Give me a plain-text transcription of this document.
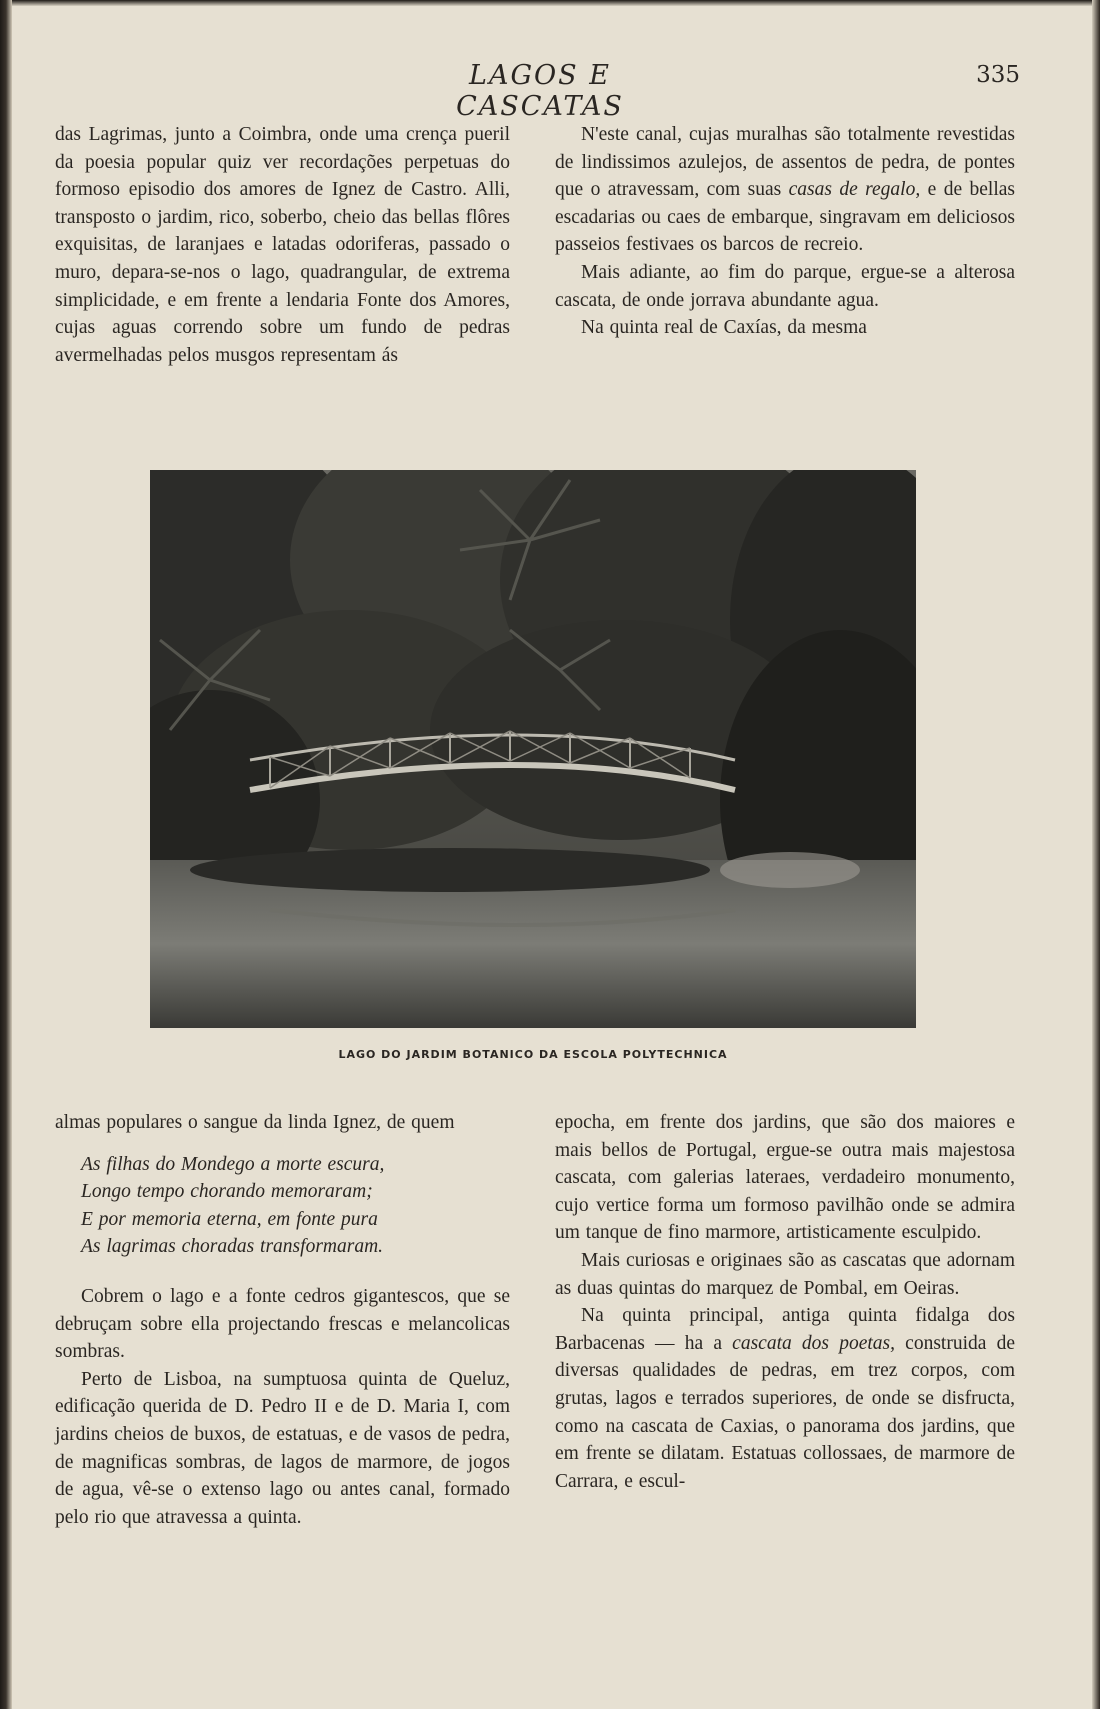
LAGOS E CASCATAS
335

das Lagrimas, junto a Coimbra, onde uma crença pueril da poesia popular quiz ver recordações perpetuas do formoso episodio dos amores de Ignez de Castro. Alli, transposto o jardim, rico, soberbo, cheio das bellas flôres exquisitas, de laranjaes e latadas odoriferas, passado o muro, depara-se-nos o lago, quadrangular, de extrema simplicidade, e em frente a lendaria Fonte dos Amores, cujas aguas correndo sobre um fundo de pedras avermelhadas pelos musgos representam ás

N'este canal, cujas muralhas são totalmente revestidas de lindissimos azulejos, de assentos de pedra, de pontes que o atravessam, com suas casas de regalo, e de bellas escadarias ou caes de embarque, singravam em deliciosos passeios festivaes os barcos de recreio.

Mais adiante, ao fim do parque, ergue-se a alterosa cascata, de onde jorrava abundante agua.

Na quinta real de Caxías, da mesma

LAGO DO JARDIM BOTANICO DA ESCOLA POLYTECHNICA

almas populares o sangue da linda Ignez, de quem

As filhas do Mondego a morte escura,
Longo tempo chorando memoraram;
E por memoria eterna, em fonte pura
As lagrimas choradas transformaram.

Cobrem o lago e a fonte cedros gigantescos, que se debruçam sobre ella projectando frescas e melancolicas sombras.

Perto de Lisboa, na sumptuosa quinta de Queluz, edificação querida de D. Pedro II e de D. Maria I, com jardins cheios de buxos, de estatuas, e de vasos de pedra, de magnificas sombras, de lagos de marmore, de jogos de agua, vê-se o extenso lago ou antes canal, formado pelo rio que atravessa a quinta.

epocha, em frente dos jardins, que são dos maiores e mais bellos de Portugal, ergue-se outra mais majestosa cascata, com galerias lateraes, verdadeiro monumento, cujo vertice forma um formoso pavilhão onde se admira um tanque de fino marmore, artisticamente esculpido.

Mais curiosas e originaes são as cascatas que adornam as duas quintas do marquez de Pombal, em Oeiras.

Na quinta principal, antiga quinta fidalga dos Barbacenas — ha a cascata dos poetas, construida de diversas qualidades de pedras, em trez corpos, com grutas, lagos e terrados superiores, de onde se disfructa, como na cascata de Caxias, o panorama dos jardins, que em frente se dilatam. Estatuas collossaes, de marmore de Carrara, e escul-
